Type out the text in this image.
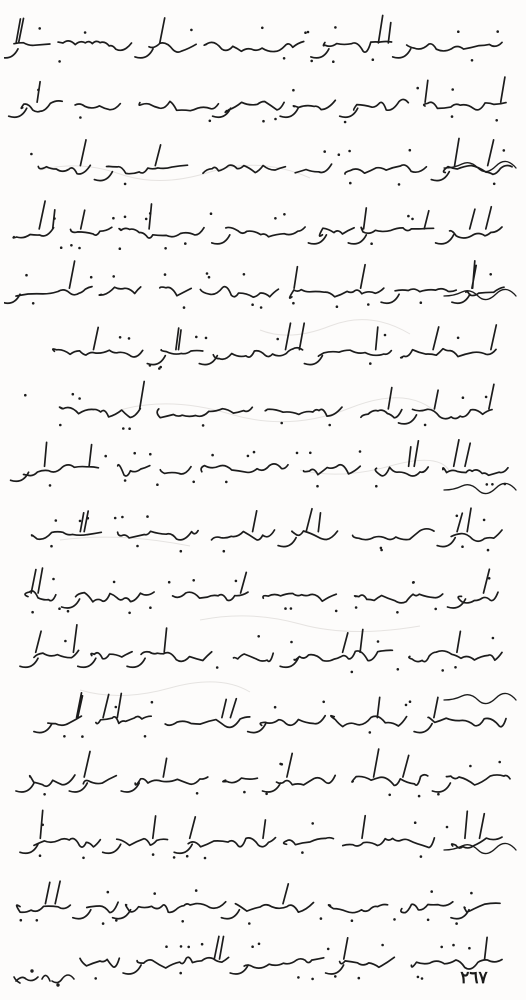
٢٦٧
